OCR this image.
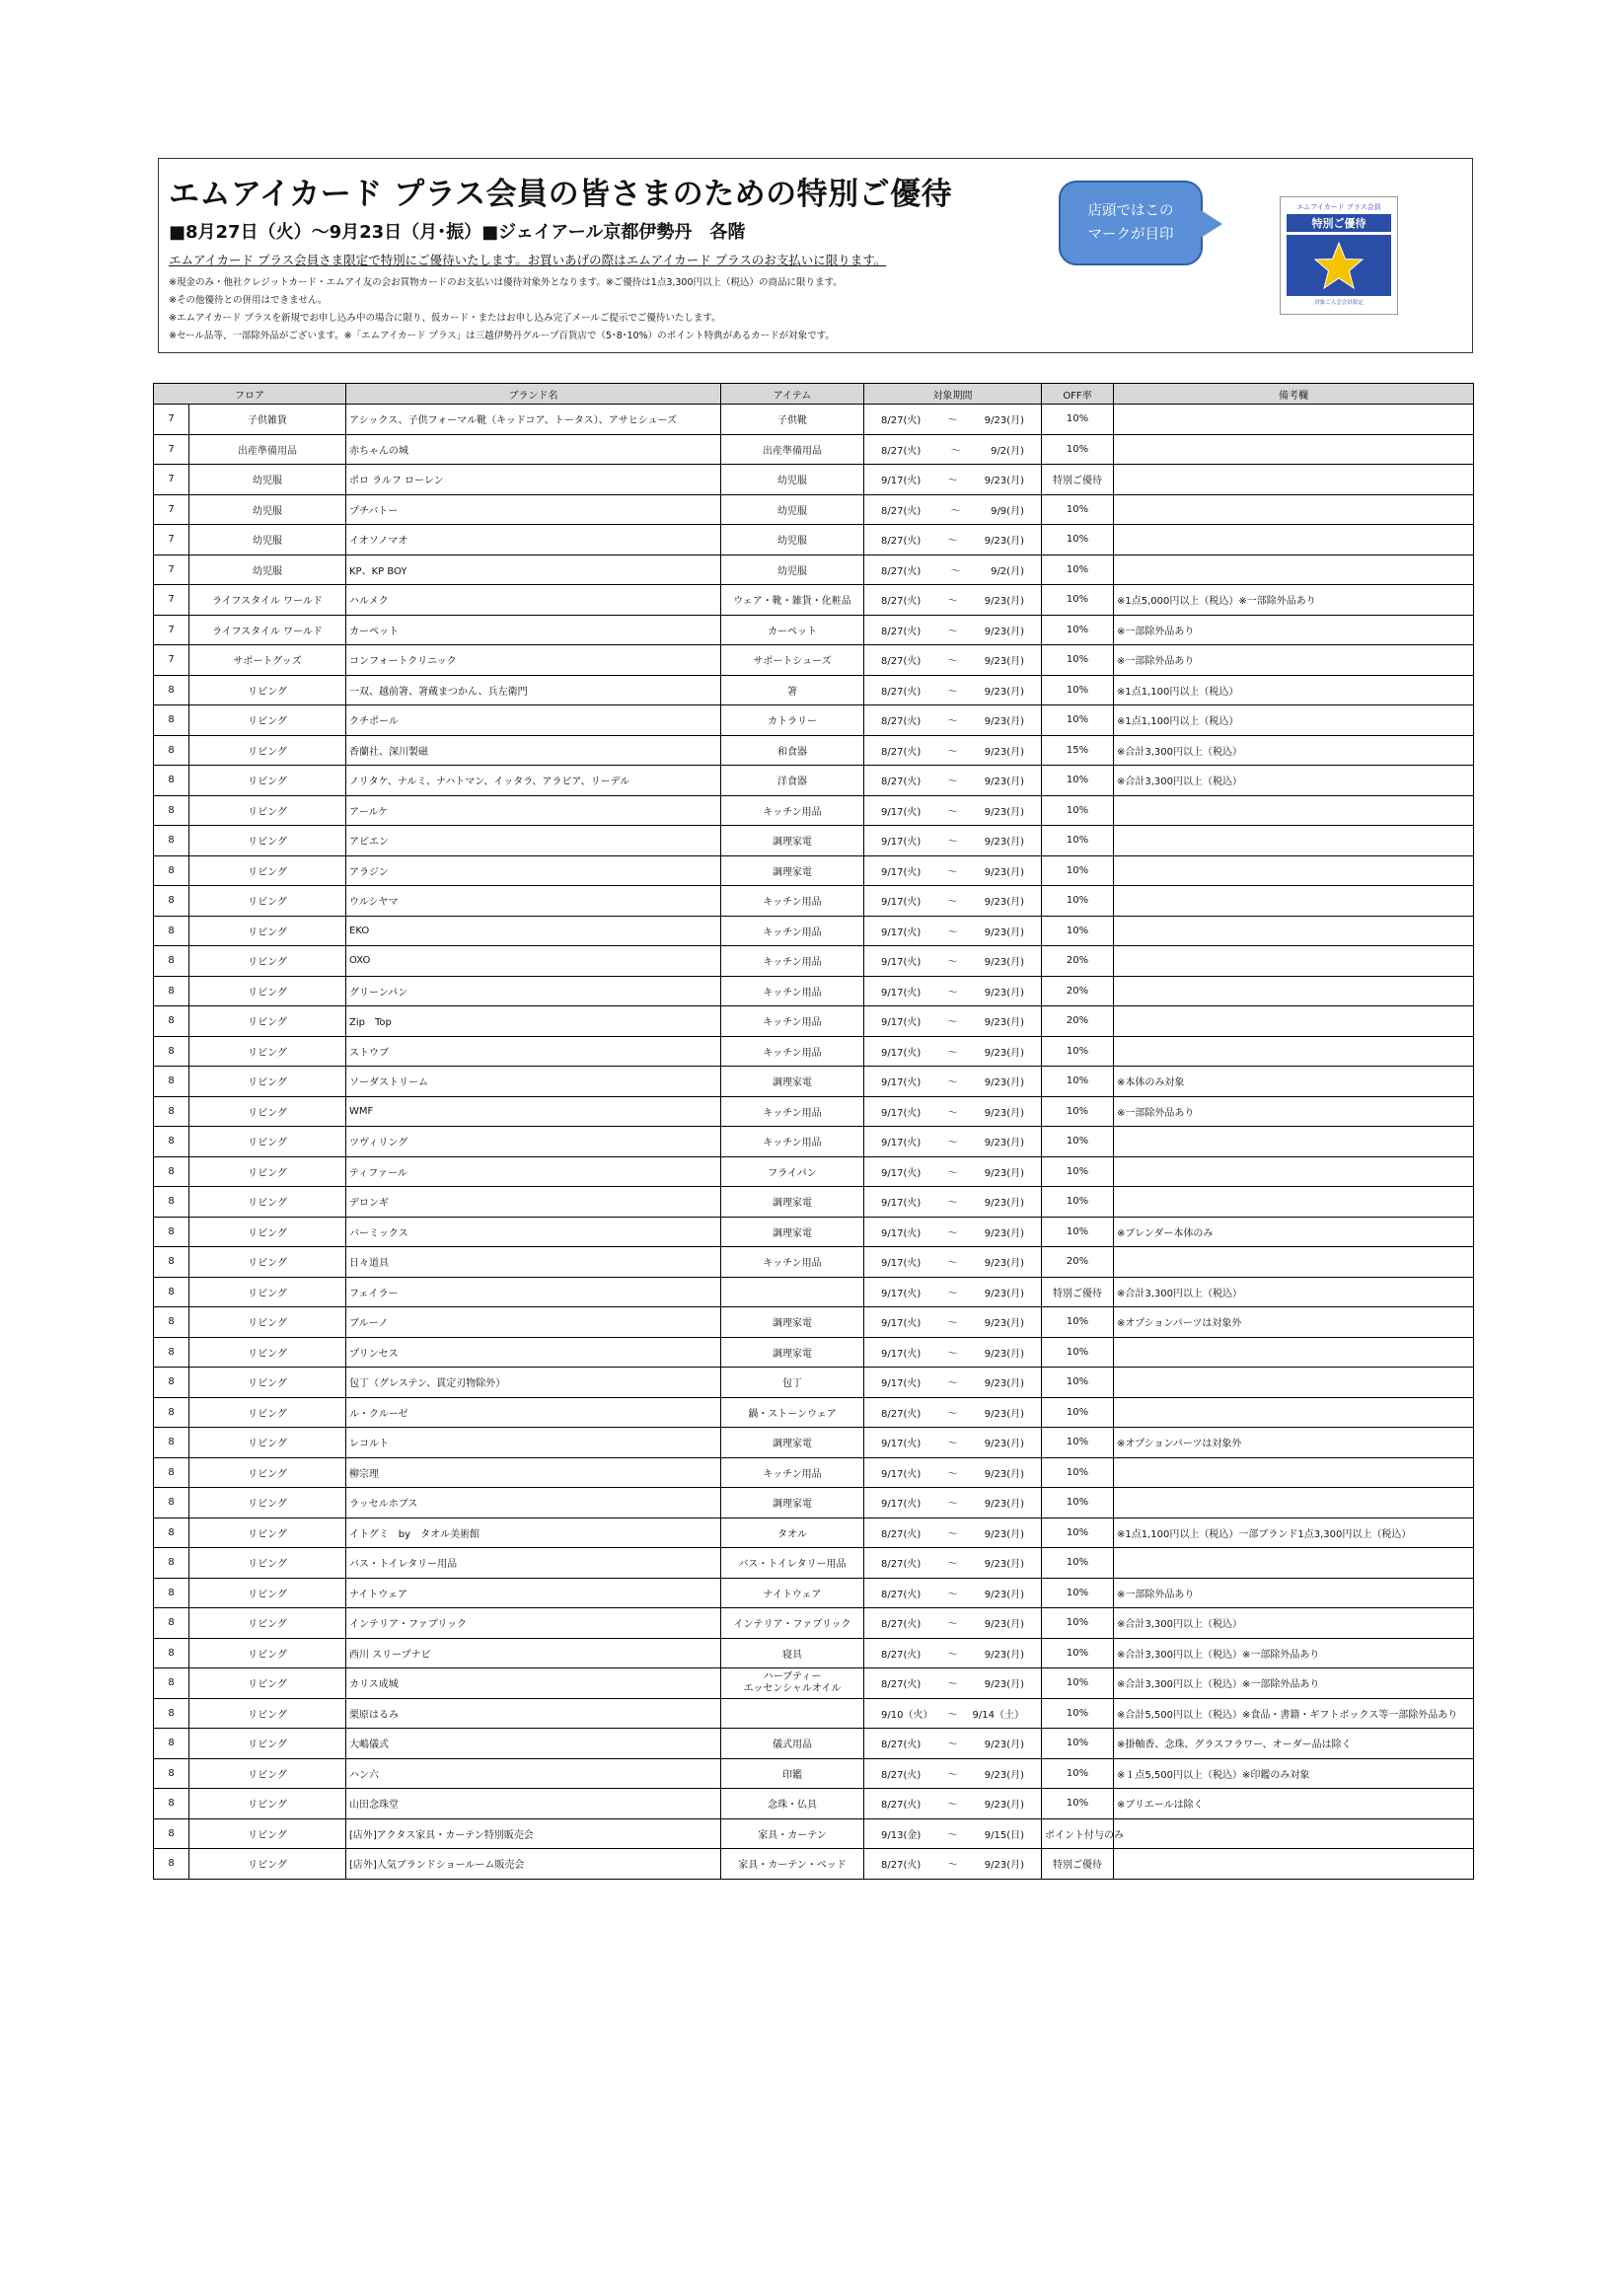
エムアイカード プラス会員の皆さまのための特別ご優待
■8月27日（火）～9月23日（月･振）■ジェイアール京都伊勢丹　各階
エムアイカード プラス会員さま限定で特別にご優待いたします。お買いあげの際はエムアイカード プラスのお支払いに限ります。
※現金のみ・他社クレジットカード・エムアイ友の会お買物カードのお支払いは優待対象外となります。※ご優待は1点3,300円以上（税込）の商品に限ります。
※その他優待との併用はできません。
※エムアイカード プラスを新規でお申し込み中の場合に限り、仮カード・またはお申し込み完了メールご提示でご優待いたします。
※セール品等、一部除外品がございます。※「エムアイカード プラス」は三越伊勢丹グループ百貨店で（5･8･10%）のポイント特典があるカードが対象です。
店頭ではこの
マークが目印
エムアイカード プラス会員
特別ご優待
対象ご入会会員限定
フロア		ブランド名	アイテム	対象期間	OFF率	備考欄
7	子供雑貨	アシックス、子供フォーマル靴（キッドコア、トータス）、アサヒシューズ	子供靴	8/27(火) ～ 9/23(月)	10%	
7	出産準備用品	赤ちゃんの城	出産準備用品	8/27(火) ～ 9/2(月)	10%	
7	幼児服	ポロ ラルフ ローレン	幼児服	9/17(火) ～ 9/23(月)	特別ご優待	
7	幼児服	プチバトー	幼児服	8/27(火) ～ 9/9(月)	10%	
7	幼児服	イオソノマオ	幼児服	8/27(火) ～ 9/23(月)	10%	
7	幼児服	KP、KP BOY	幼児服	8/27(火) ～ 9/2(月)	10%	
7	ライフスタイル ワールド	ハルメク	ウェア・靴・雑貨・化粧品	8/27(火) ～ 9/23(月)	10%	※1点5,000円以上（税込）※一部除外品あり
7	ライフスタイル ワールド	カーペット	カーペット	8/27(火) ～ 9/23(月)	10%	※一部除外品あり
7	サポートグッズ	コンフォートクリニック	サポートシューズ	8/27(火) ～ 9/23(月)	10%	※一部除外品あり
8	リビング	一双、越前箸、箸蔵まつかん、兵左衛門	箸	8/27(火) ～ 9/23(月)	10%	※1点1,100円以上（税込）
8	リビング	クチポール	カトラリー	8/27(火) ～ 9/23(月)	10%	※1点1,100円以上（税込）
8	リビング	香蘭社、深川製磁	和食器	8/27(火) ～ 9/23(月)	15%	※合計3,300円以上（税込）
8	リビング	ノリタケ、ナルミ、ナハトマン、イッタラ、アラビア、リーデル	洋食器	8/27(火) ～ 9/23(月)	10%	※合計3,300円以上（税込）
8	リビング	アールケ	キッチン用品	9/17(火) ～ 9/23(月)	10%	
8	リビング	アピエン	調理家電	9/17(火) ～ 9/23(月)	10%	
8	リビング	アラジン	調理家電	9/17(火) ～ 9/23(月)	10%	
8	リビング	ウルシヤマ	キッチン用品	9/17(火) ～ 9/23(月)	10%	
8	リビング	EKO	キッチン用品	9/17(火) ～ 9/23(月)	10%	
8	リビング	OXO	キッチン用品	9/17(火) ～ 9/23(月)	20%	
8	リビング	グリーンパン	キッチン用品	9/17(火) ～ 9/23(月)	20%	
8	リビング	Zip　Top	キッチン用品	9/17(火) ～ 9/23(月)	20%	
8	リビング	ストウブ	キッチン用品	9/17(火) ～ 9/23(月)	10%	
8	リビング	ソーダストリーム	調理家電	9/17(火) ～ 9/23(月)	10%	※本体のみ対象
8	リビング	WMF	キッチン用品	9/17(火) ～ 9/23(月)	10%	※一部除外品あり
8	リビング	ツヴィリング	キッチン用品	9/17(火) ～ 9/23(月)	10%	
8	リビング	ティファール	フライパン	9/17(火) ～ 9/23(月)	10%	
8	リビング	デロンギ	調理家電	9/17(火) ～ 9/23(月)	10%	
8	リビング	バーミックス	調理家電	9/17(火) ～ 9/23(月)	10%	※ブレンダー本体のみ
8	リビング	日々道具	キッチン用品	9/17(火) ～ 9/23(月)	20%	
8	リビング	フェイラー		9/17(火) ～ 9/23(月)	特別ご優待	※合計3,300円以上（税込）
8	リビング	ブルーノ	調理家電	9/17(火) ～ 9/23(月)	10%	※オプションパーツは対象外
8	リビング	プリンセス	調理家電	9/17(火) ～ 9/23(月)	10%	
8	リビング	包丁（グレステン、貫定刃物除外）	包丁	9/17(火) ～ 9/23(月)	10%	
8	リビング	ル・クルーゼ	鍋・ストーンウェア	8/27(火) ～ 9/23(月)	10%	
8	リビング	レコルト	調理家電	9/17(火) ～ 9/23(月)	10%	※オプションパーツは対象外
8	リビング	柳宗理	キッチン用品	9/17(火) ～ 9/23(月)	10%	
8	リビング	ラッセルホブス	調理家電	9/17(火) ～ 9/23(月)	10%	
8	リビング	イトグミ　by　タオル美術館	タオル	8/27(火) ～ 9/23(月)	10%	※1点1,100円以上（税込）一部ブランド1点3,300円以上（税込）
8	リビング	バス・トイレタリー用品	バス・トイレタリー用品	8/27(火) ～ 9/23(月)	10%	
8	リビング	ナイトウェア	ナイトウェア	8/27(火) ～ 9/23(月)	10%	※一部除外品あり
8	リビング	インテリア・ファブリック	インテリア・ファブリック	8/27(火) ～ 9/23(月)	10%	※合計3,300円以上（税込）
8	リビング	西川 スリープナビ	寝具	8/27(火) ～ 9/23(月)	10%	※合計3,300円以上（税込）※一部除外品あり
8	リビング	カリス成城	ハーブティー
エッセンシャルオイル	8/27(火) ～ 9/23(月)	10%	※合計3,300円以上（税込）※一部除外品あり
8	リビング	栗原はるみ		9/10（火） ～ 9/14（土）	10%	※合計5,500円以上（税込）※食品・書籍・ギフトボックス等一部除外品あり
8	リビング	大嶋儀式	儀式用品	8/27(火) ～ 9/23(月)	10%	※掛軸香、念珠、グラスフラワー、オーダー品は除く
8	リビング	ハン六	印鑑	8/27(火) ～ 9/23(月)	10%	※１点5,500円以上（税込）※印鑑のみ対象
8	リビング	山田念珠堂	念珠・仏具	8/27(火) ～ 9/23(月)	10%	※ブリエールは除く
8	リビング	[店外]アクタス家具・カーテン特別販売会	家具・カーテン	9/13(金) ～ 9/15(日)	ポイント付与のみ	
8	リビング	[店外]人気ブランドショールーム販売会	家具・カーテン・ベッド	8/27(火) ～ 9/23(月)	特別ご優待	
